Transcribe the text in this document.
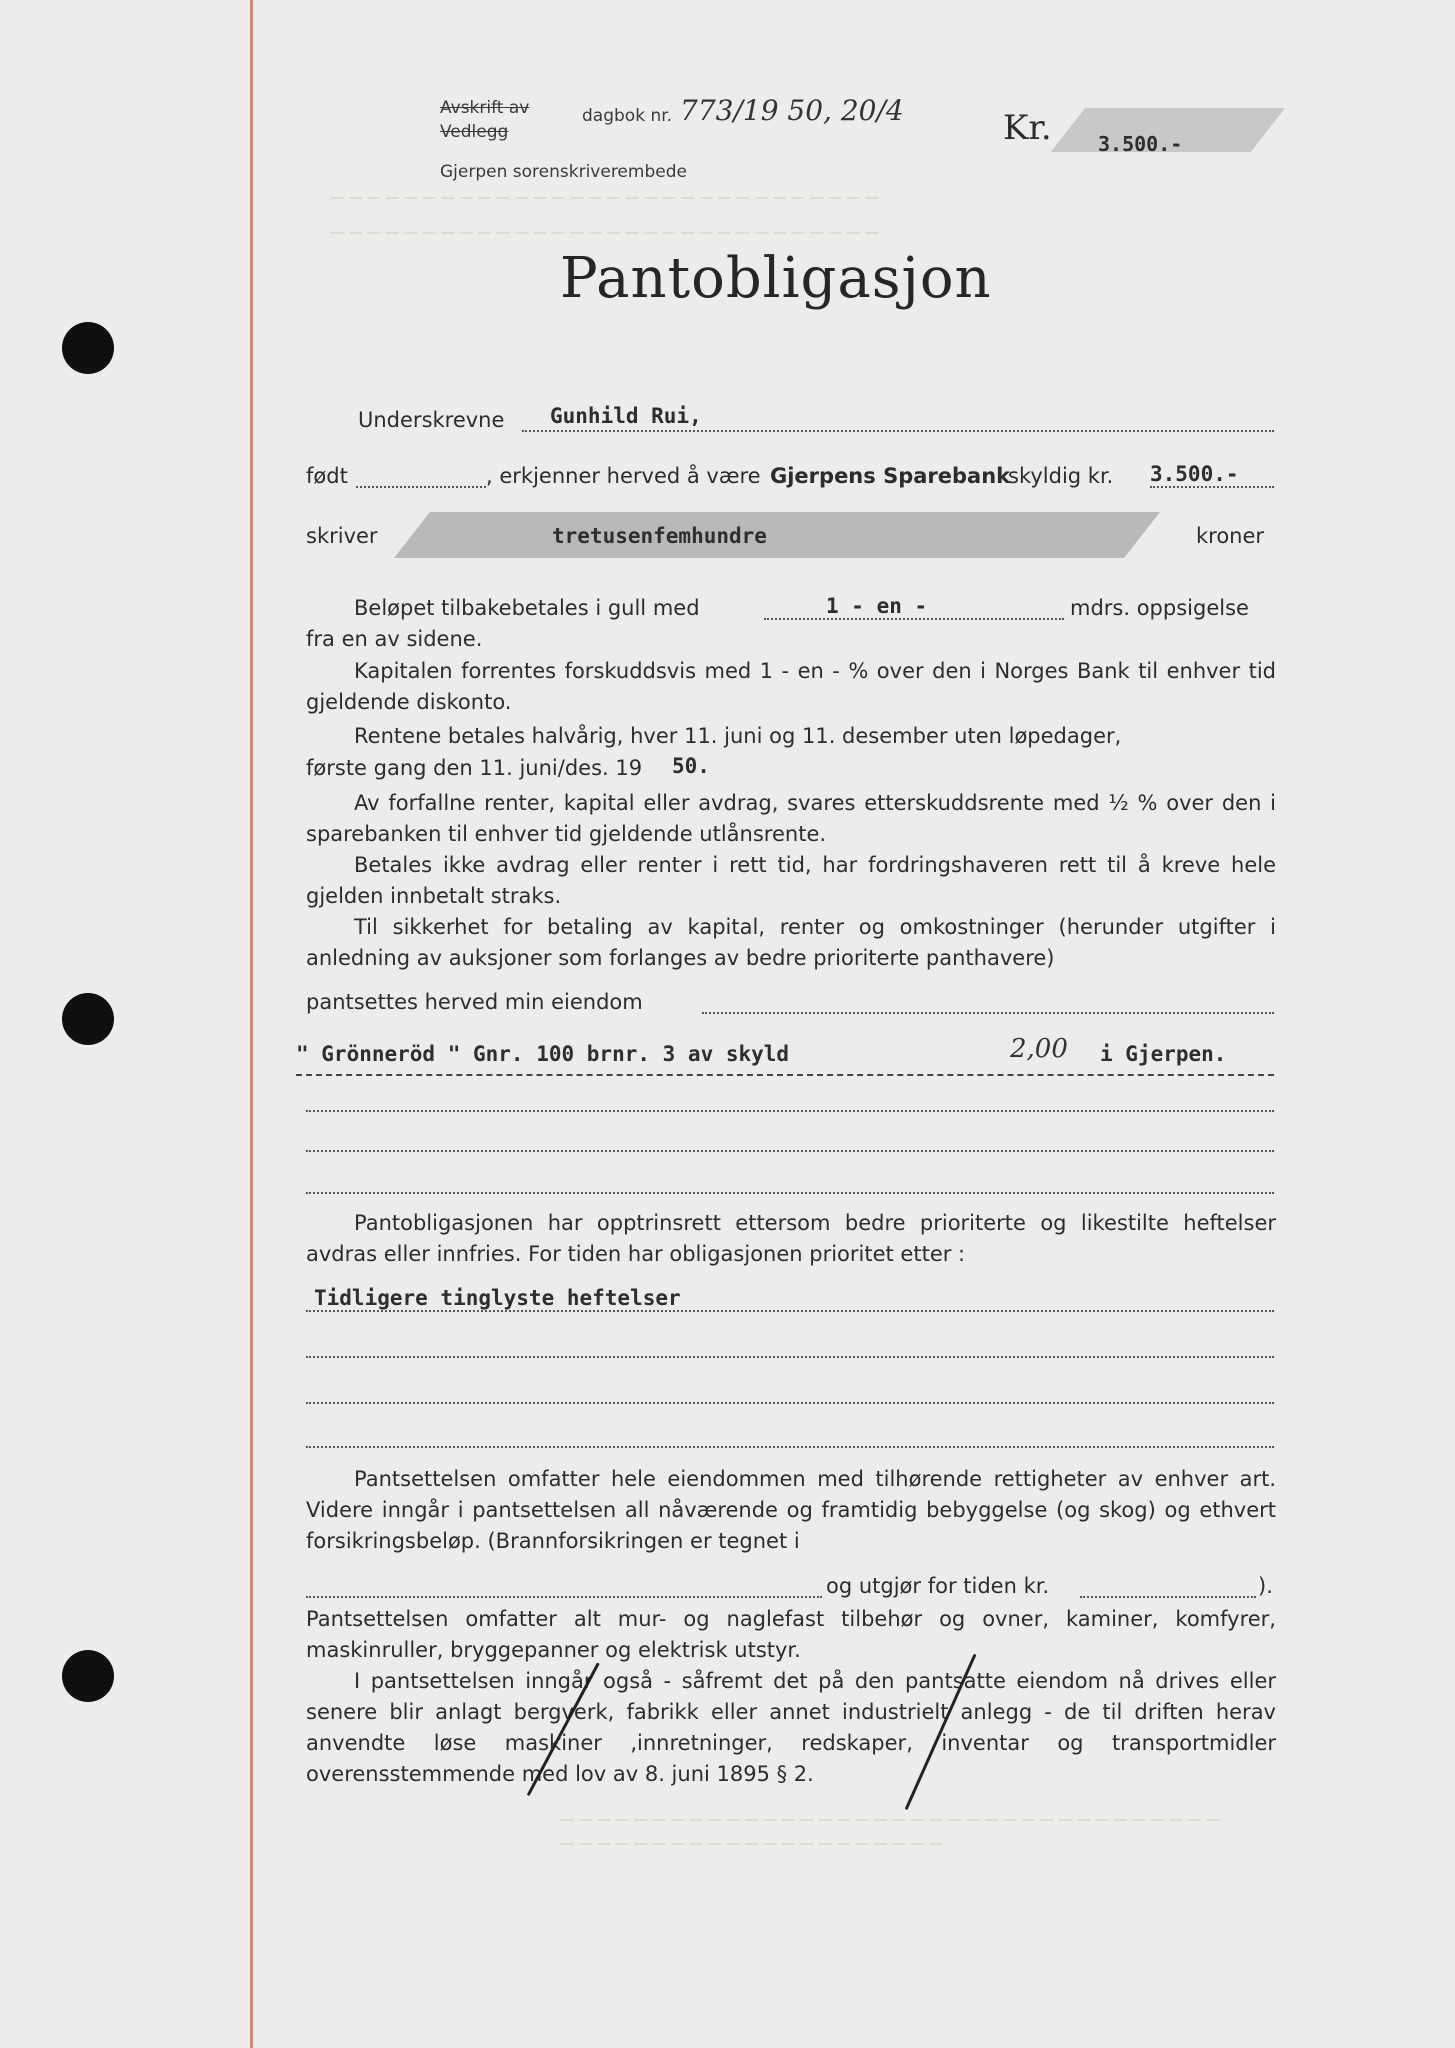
— — — — — — — — — — — — — — — — — — — — — — — — — — — — — —
— — — — — — — — — — — — — — — — — — — — — — — — — — — — — —
Avskrift av
Vedlegg
dagbok nr. 773/19 50, 20/4
Gjerpen sorenskriverembede
Kr. 3.500.-
Pantobligasjon
Underskrevne Gunhild Rui,
født	, erkjenner herved å være Gjerpens Sparebank
skyldig kr. 3.500.-
skriver	tretusenfemhundre	kroner
Beløpet tilbakebetales i gull med	1 - en -	mdrs. oppsigelse
fra en av sidene.

Kapitalen forrentes forskuddsvis med 1 - en - % over den i Norges Bank til enhver tid gjeldende diskonto.

Rentene betales halvårig, hver 11. juni og 11. desember uten løpedager,
første gang den 11. juni/des. 19 50.

Av forfallne renter, kapital eller avdrag, svares etterskuddsrente med ½ % over den i sparebanken til enhver tid gjeldende utlånsrente.

Betales ikke avdrag eller renter i rett tid, har fordringshaveren rett til å kreve hele gjelden innbetalt straks.

Til sikkerhet for betaling av kapital, renter og omkostninger (herunder utgifter i anledning av auksjoner som forlanges av bedre prioriterte panthavere)

pantsettes herved min eiendom
" Grönneröd " Gnr. 100 brnr. 3 av skyld	2,00 i Gjerpen.

Pantobligasjonen har opptrinsrett ettersom bedre prioriterte og likestilte heftelser avdras eller innfries. For tiden har obligasjonen prioritet etter :

Tidligere tinglyste heftelser

Pantsettelsen omfatter hele eiendommen med tilhørende rettigheter av enhver art. Videre inngår i pantsettelsen all nåværende og framtidig bebyggelse (og skog) og ethvert forsikringsbeløp. (Brannforsikringen er tegnet i

og utgjør for tiden kr.	).

Pantsettelsen omfatter alt mur- og naglefast tilbehør og ovner, kaminer, komfyrer, maskinruller, bryggepanner og elektrisk utstyr.

I pantsettelsen inngår også - såfremt det på den pantsatte eiendom nå drives eller senere blir anlagt bergverk, fabrikk eller annet industrielt anlegg - de til driften herav anvendte løse maskiner ,innretninger, redskaper, inventar og transportmidler overensstemmende med lov av 8. juni 1895 § 2.

— — — — — — — — — — — — — — — — — — — — — — — — — — — — — — — — — — — —
— — — — — — — — — — — — — — — — — — — — —
